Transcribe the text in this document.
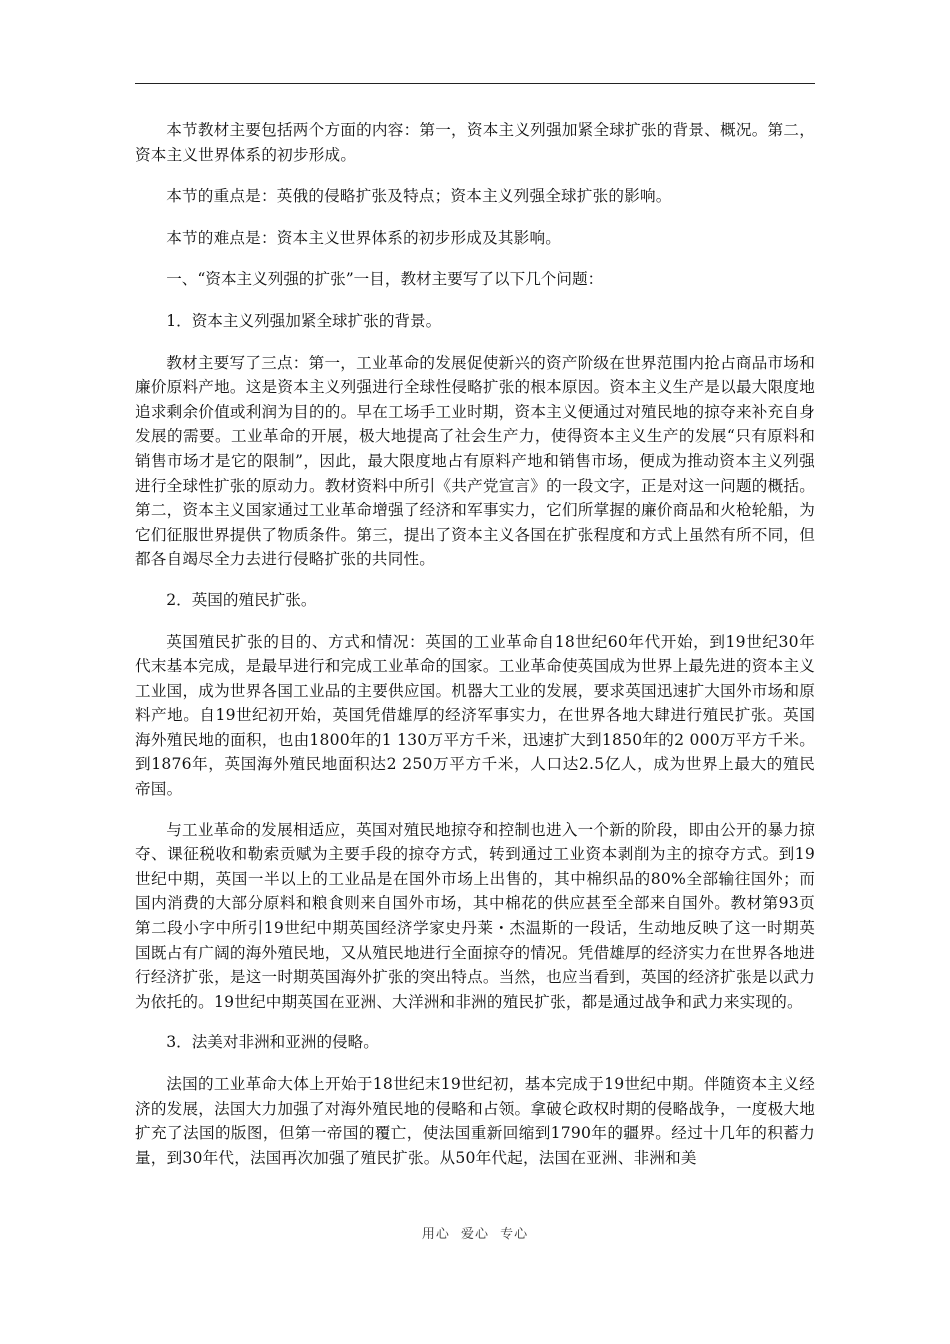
本节教材主要包括两个方面的内容：第一，资本主义列强加紧全球扩张的背景、概况。第二，资本主义世界体系的初步形成。

本节的重点是：英俄的侵略扩张及特点；资本主义列强全球扩张的影响。

本节的难点是：资本主义世界体系的初步形成及其影响。

一、“资本主义列强的扩张”一目，教材主要写了以下几个问题：

1．资本主义列强加紧全球扩张的背景。

教材主要写了三点：第一，工业革命的发展促使新兴的资产阶级在世界范围内抢占商品市场和廉价原料产地。这是资本主义列强进行全球性侵略扩张的根本原因。资本主义生产是以最大限度地追求剩余价值或利润为目的的。早在工场手工业时期，资本主义便通过对殖民地的掠夺来补充自身发展的需要。工业革命的开展，极大地提高了社会生产力，使得资本主义生产的发展“只有原料和销售市场才是它的限制”，因此，最大限度地占有原料产地和销售市场，便成为推动资本主义列强进行全球性扩张的原动力。教材资料中所引《共产党宣言》的一段文字，正是对这一问题的概括。第二，资本主义国家通过工业革命增强了经济和军事实力，它们所掌握的廉价商品和火枪轮船，为它们征服世界提供了物质条件。第三，提出了资本主义各国在扩张程度和方式上虽然有所不同，但都各自竭尽全力去进行侵略扩张的共同性。

2．英国的殖民扩张。

英国殖民扩张的目的、方式和情况：英国的工业革命自18世纪60年代开始，到19世纪30年代末基本完成，是最早进行和完成工业革命的国家。工业革命使英国成为世界上最先进的资本主义工业国，成为世界各国工业品的主要供应国。机器大工业的发展，要求英国迅速扩大国外市场和原料产地。自19世纪初开始，英国凭借雄厚的经济军事实力，在世界各地大肆进行殖民扩张。英国海外殖民地的面积，也由1800年的1 130万平方千米，迅速扩大到1850年的2 000万平方千米。到1876年，英国海外殖民地面积达2 250万平方千米，人口达2.5亿人，成为世界上最大的殖民帝国。

与工业革命的发展相适应，英国对殖民地掠夺和控制也进入一个新的阶段，即由公开的暴力掠夺、课征税收和勒索贡赋为主要手段的掠夺方式，转到通过工业资本剥削为主的掠夺方式。到19世纪中期，英国一半以上的工业品是在国外市场上出售的，其中棉织品的80%全部输往国外；而国内消费的大部分原料和粮食则来自国外市场，其中棉花的供应甚至全部来自国外。教材第93页第二段小字中所引19世纪中期英国经济学家史丹莱・杰温斯的一段话，生动地反映了这一时期英国既占有广阔的海外殖民地，又从殖民地进行全面掠夺的情况。凭借雄厚的经济实力在世界各地进行经济扩张，是这一时期英国海外扩张的突出特点。当然，也应当看到，英国的经济扩张是以武力为依托的。19世纪中期英国在亚洲、大洋洲和非洲的殖民扩张，都是通过战争和武力来实现的。

3．法美对非洲和亚洲的侵略。

法国的工业革命大体上开始于18世纪末19世纪初，基本完成于19世纪中期。伴随资本主义经济的发展，法国大力加强了对海外殖民地的侵略和占领。拿破仑政权时期的侵略战争，一度极大地扩充了法国的版图，但第一帝国的覆亡，使法国重新回缩到1790年的疆界。经过十几年的积蓄力量，到30年代，法国再次加强了殖民扩张。从50年代起，法国在亚洲、非洲和美

用心 爱心 专心
